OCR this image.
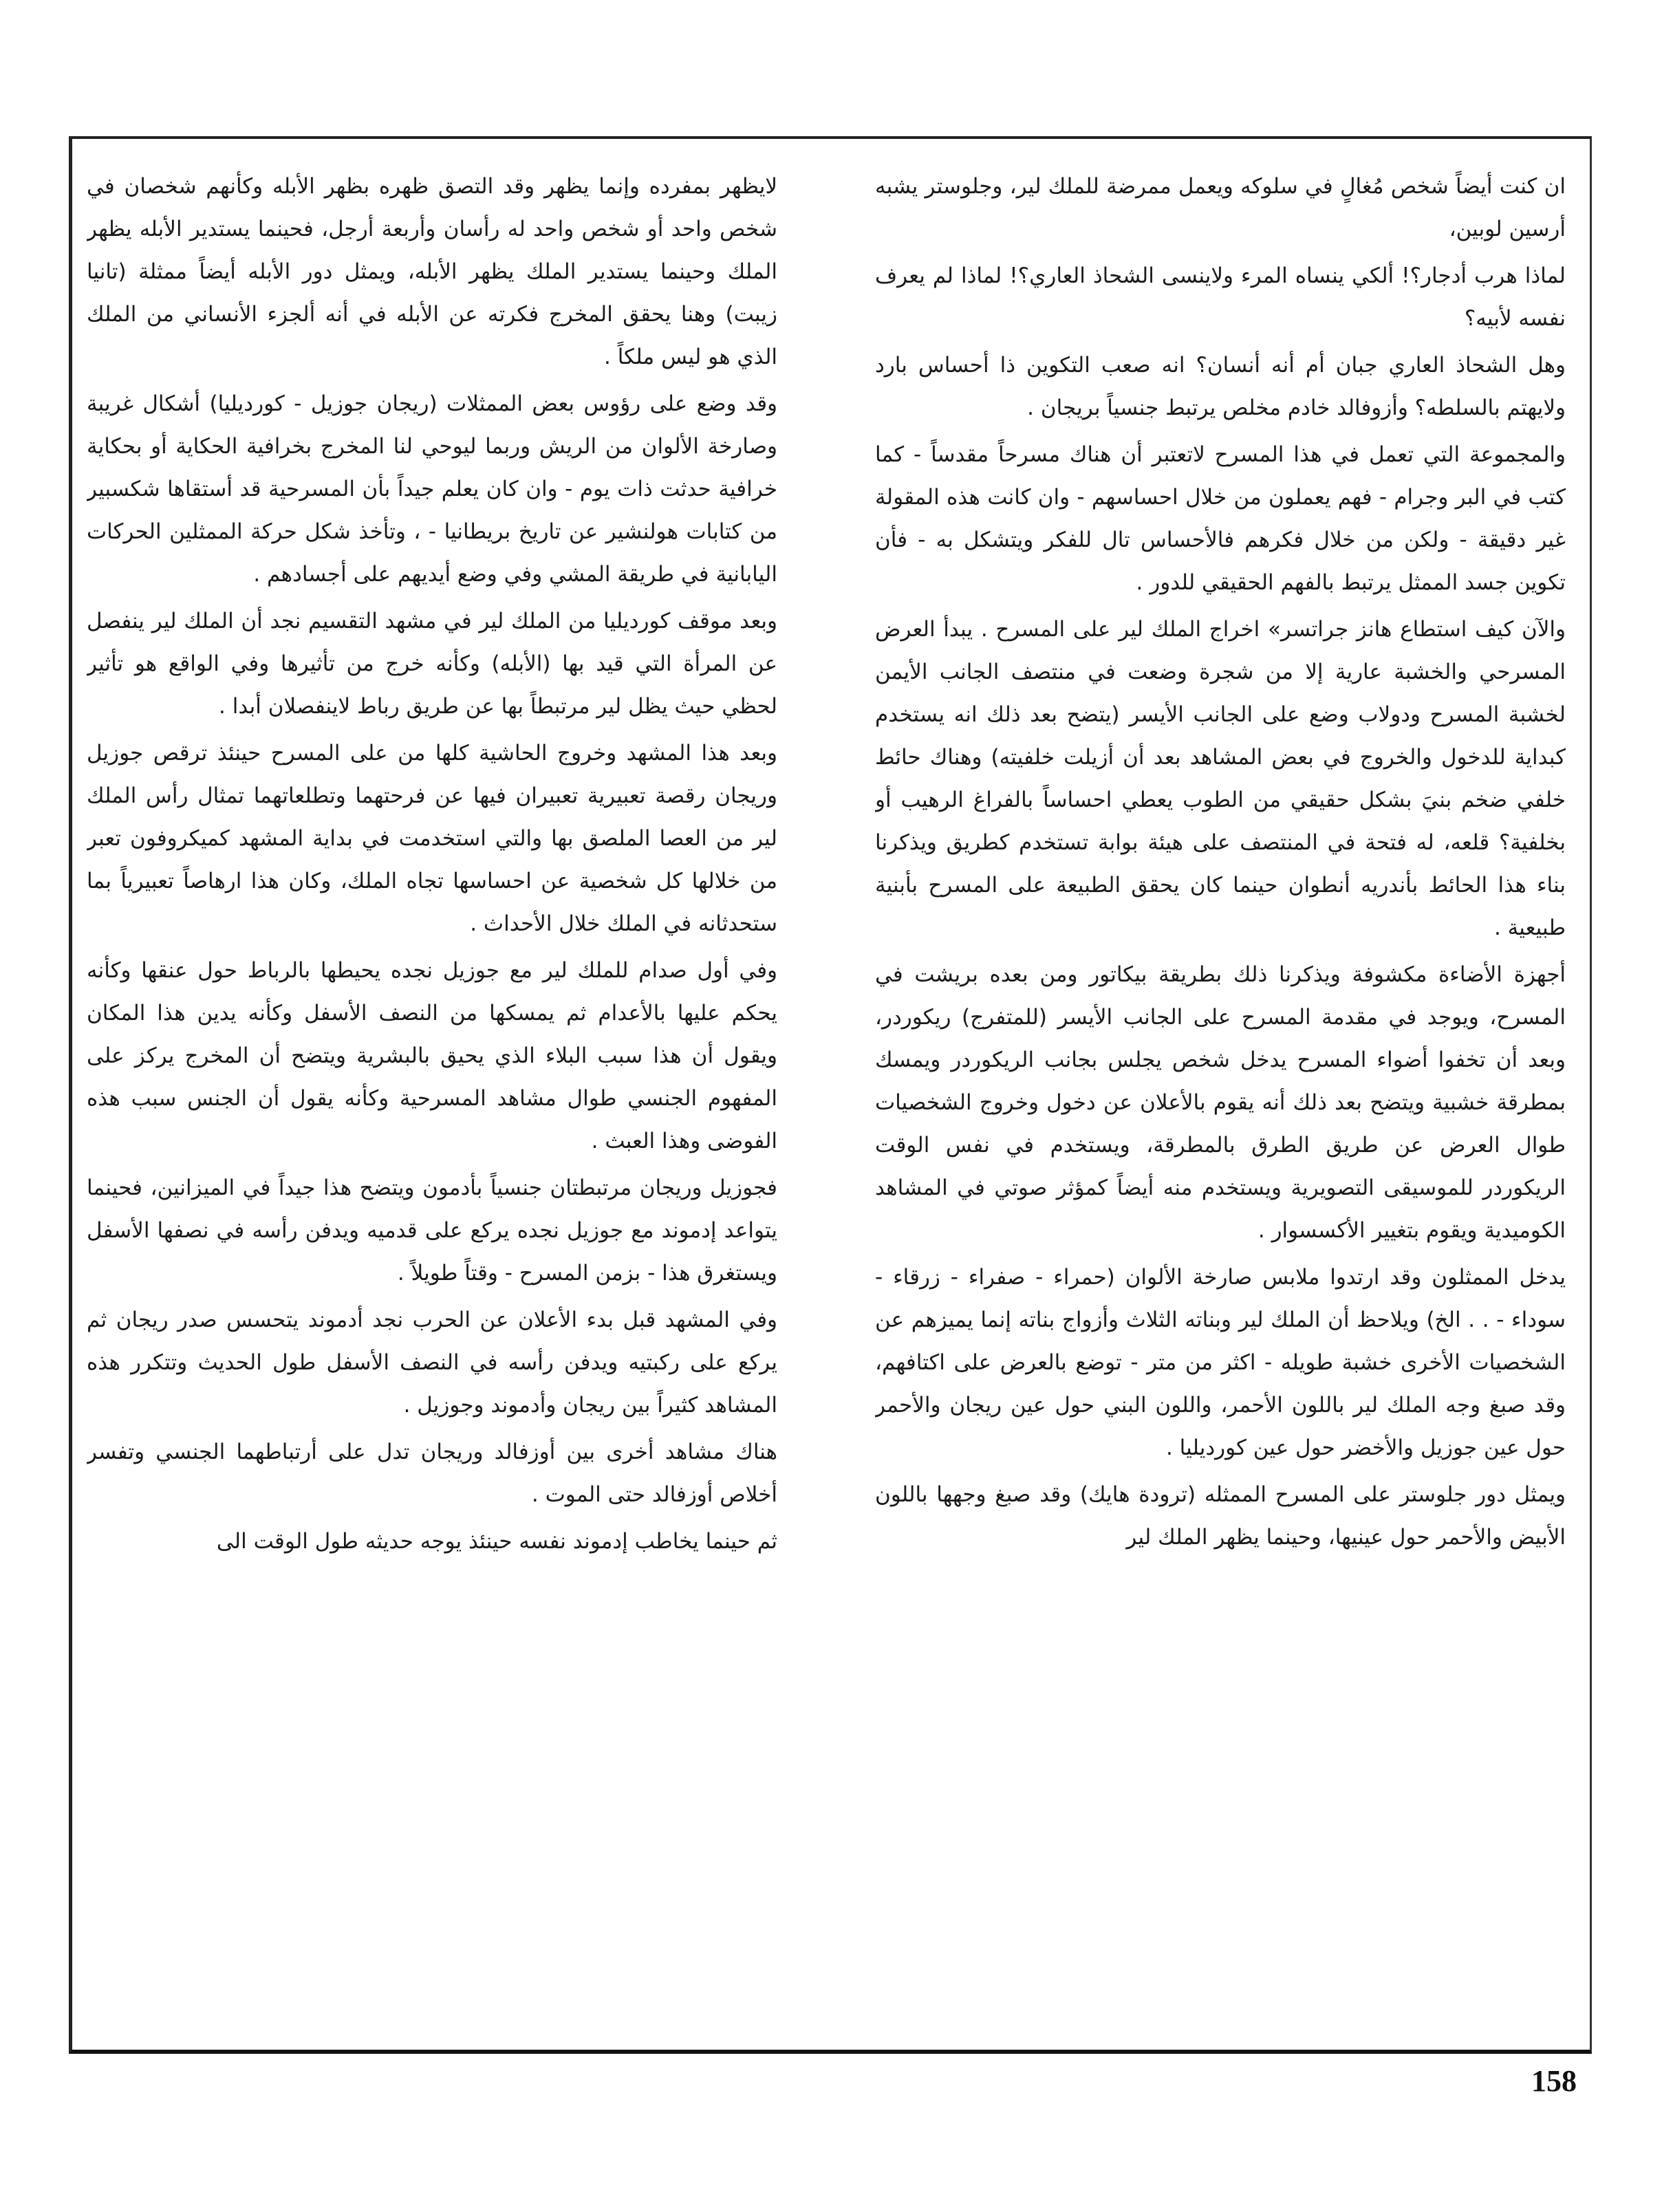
ان كنت أيضاً شخص مُغالٍ في سلوكه ويعمل ممرضة للملك لير، وجلوستر يشبه أرسين لوبين،

لماذا هرب أدجار؟! ألكي ينساه المرء ولاينسى الشحاذ العاري؟! لماذا لم يعرف نفسه لأبيه؟

وهل الشحاذ العاري جبان أم أنه أنسان؟ انه صعب التكوين ذا أحساس بارد ولايهتم بالسلطه؟ وأزوفالد خادم مخلص يرتبط جنسياً بريجان .

والمجموعة التي تعمل في هذا المسرح لاتعتبر أن هناك مسرحاً مقدساً - كما كتب في البر وجرام - فهم يعملون من خلال احساسهم - وان كانت هذه المقولة غير دقيقة - ولكن من خلال فكرهم فالأحساس تال للفكر ويتشكل به - فأن تكوين جسد الممثل يرتبط بالفهم الحقيقي للدور .

والآن كيف استطاع هانز جراتسر» اخراج الملك لير على المسرح . يبدأ العرض المسرحي والخشبة عارية إلا من شجرة وضعت في منتصف الجانب الأيمن لخشبة المسرح ودولاب وضع على الجانب الأيسر (يتضح بعد ذلك انه يستخدم كبداية للدخول والخروج في بعض المشاهد بعد أن أزيلت خلفيته) وهناك حائط خلفي ضخم بنيَ بشكل حقيقي من الطوب يعطي احساساً بالفراغ الرهيب أو بخلفية؟ قلعه، له فتحة في المنتصف على هيئة بوابة تستخدم كطريق ويذكرنا بناء هذا الحائط بأندريه أنطوان حينما كان يحقق الطبيعة على المسرح بأبنية طبيعية .

أجهزة الأضاءة مكشوفة ويذكرنا ذلك بطريقة بيكاتور ومن بعده بريشت في المسرح، ويوجد في مقدمة المسرح على الجانب الأيسر (للمتفرج) ريكوردر، وبعد أن تخفوا أضواء المسرح يدخل شخص يجلس بجانب الريكوردر ويمسك بمطرقة خشبية ويتضح بعد ذلك أنه يقوم بالأعلان عن دخول وخروج الشخصيات طوال العرض عن طريق الطرق بالمطرقة، ويستخدم في نفس الوقت الريكوردر للموسيقى التصويرية ويستخدم منه أيضاً كمؤثر صوتي في المشاهد الكوميدية ويقوم بتغيير الأكسسوار .

يدخل الممثلون وقد ارتدوا ملابس صارخة الألوان (حمراء - صفراء - زرقاء - سوداء - . . الخ) ويلاحظ أن الملك لير وبناته الثلاث وأزواج بناته إنما يميزهم عن الشخصيات الأخرى خشبة طويله - اكثر من متر - توضع بالعرض على اكتافهم، وقد صبغ وجه الملك لير باللون الأحمر، واللون البني حول عين ريجان والأحمر حول عين جوزيل والأخضر حول عين كورديليا .

ويمثل دور جلوستر على المسرح الممثله (ترودة هايك) وقد صبغ وجهها باللون الأبيض والأحمر حول عينيها، وحينما يظهر الملك لير

لايظهر بمفرده وإنما يظهر وقد التصق ظهره بظهر الأبله وكأنهم شخصان في شخص واحد أو شخص واحد له رأسان وأربعة أرجل، فحينما يستدير الأبله يظهر الملك وحينما يستدير الملك يظهر الأبله، ويمثل دور الأبله أيضاً ممثلة (تانيا زيبت) وهنا يحقق المخرج فكرته عن الأبله في أنه ألجزء الأنساني من الملك الذي هو ليس ملكاً .

وقد وضع على رؤوس بعض الممثلات (ريجان جوزيل - كورديليا) أشكال غريبة وصارخة الألوان من الريش وربما ليوحي لنا المخرج بخرافية الحكاية أو بحكاية خرافية حدثت ذات يوم - وان كان يعلم جيداً بأن المسرحية قد أستقاها شكسبير من كتابات هولنشير عن تاريخ بريطانيا - ، وتأخذ شكل حركة الممثلين الحركات اليابانية في طريقة المشي وفي وضع أيديهم على أجسادهم .

وبعد موقف كورديليا من الملك لير في مشهد التقسيم نجد أن الملك لير ينفصل عن المرأة التي قيد بها (الأبله) وكأنه خرج من تأثيرها وفي الواقع هو تأثير لحظي حيث يظل لير مرتبطاً بها عن طريق رباط لاينفصلان أبدا .

وبعد هذا المشهد وخروج الحاشية كلها من على المسرح حينئذ ترقص جوزيل وريجان رقصة تعبيرية تعبيران فيها عن فرحتهما وتطلعاتهما تمثال رأس الملك لير من العصا الملصق بها والتي استخدمت في بداية المشهد كميكروفون تعبر من خلالها كل شخصية عن احساسها تجاه الملك، وكان هذا ارهاصاً تعبيرياً بما ستحدثانه في الملك خلال الأحداث .

وفي أول صدام للملك لير مع جوزيل نجده يحيطها بالرباط حول عنقها وكأنه يحكم عليها بالأعدام ثم يمسكها من النصف الأسفل وكأنه يدين هذا المكان ويقول أن هذا سبب البلاء الذي يحيق بالبشرية ويتضح أن المخرج يركز على المفهوم الجنسي طوال مشاهد المسرحية وكأنه يقول أن الجنس سبب هذه الفوضى وهذا العبث .

فجوزيل وريجان مرتبطتان جنسياً بأدمون ويتضح هذا جيداً في الميزانين، فحينما يتواعد إدموند مع جوزيل نجده يركع على قدميه ويدفن رأسه في نصفها الأسفل ويستغرق هذا - بزمن المسرح - وقتاً طويلاً .

وفي المشهد قبل بدء الأعلان عن الحرب نجد أدموند يتحسس صدر ريجان ثم يركع على ركبتيه ويدفن رأسه في النصف الأسفل طول الحديث وتتكرر هذه المشاهد كثيراً بين ريجان وأدموند وجوزيل .

هناك مشاهد أخرى بين أوزفالد وريجان تدل على أرتباطهما الجنسي وتفسر أخلاص أوزفالد حتى الموت .

ثم حينما يخاطب إدموند نفسه حينئذ يوجه حديثه طول الوقت الى

158
